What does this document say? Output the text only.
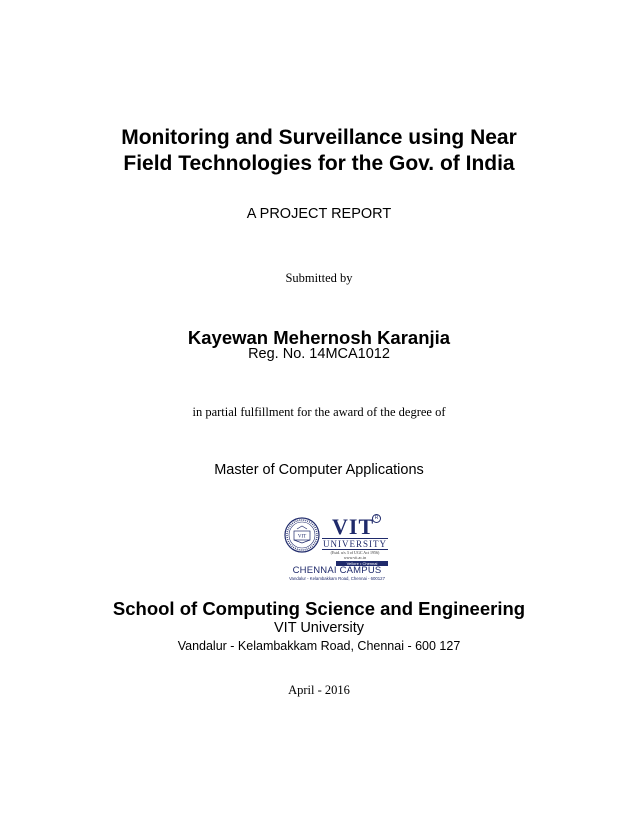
Monitoring and Surveillance using Near
Field Technologies for the Gov. of India
A PROJECT REPORT
Submitted by
Kayewan Mehernosh Karanjia
Reg. No. 14MCA1012
in partial fulfillment for the award of the degree of
Master of Computer Applications
VIT VIT R
UNIVERSITY
(Estd. u/s 3 of UGC Act 1956)
www.vit.ac.in
Vellore • Chennai
CHENNAI CAMPUS
Vandalur - Kelambakkam Road, Chennai - 600127
School of Computing Science and Engineering
VIT University
Vandalur - Kelambakkam Road, Chennai - 600 127
April - 2016
